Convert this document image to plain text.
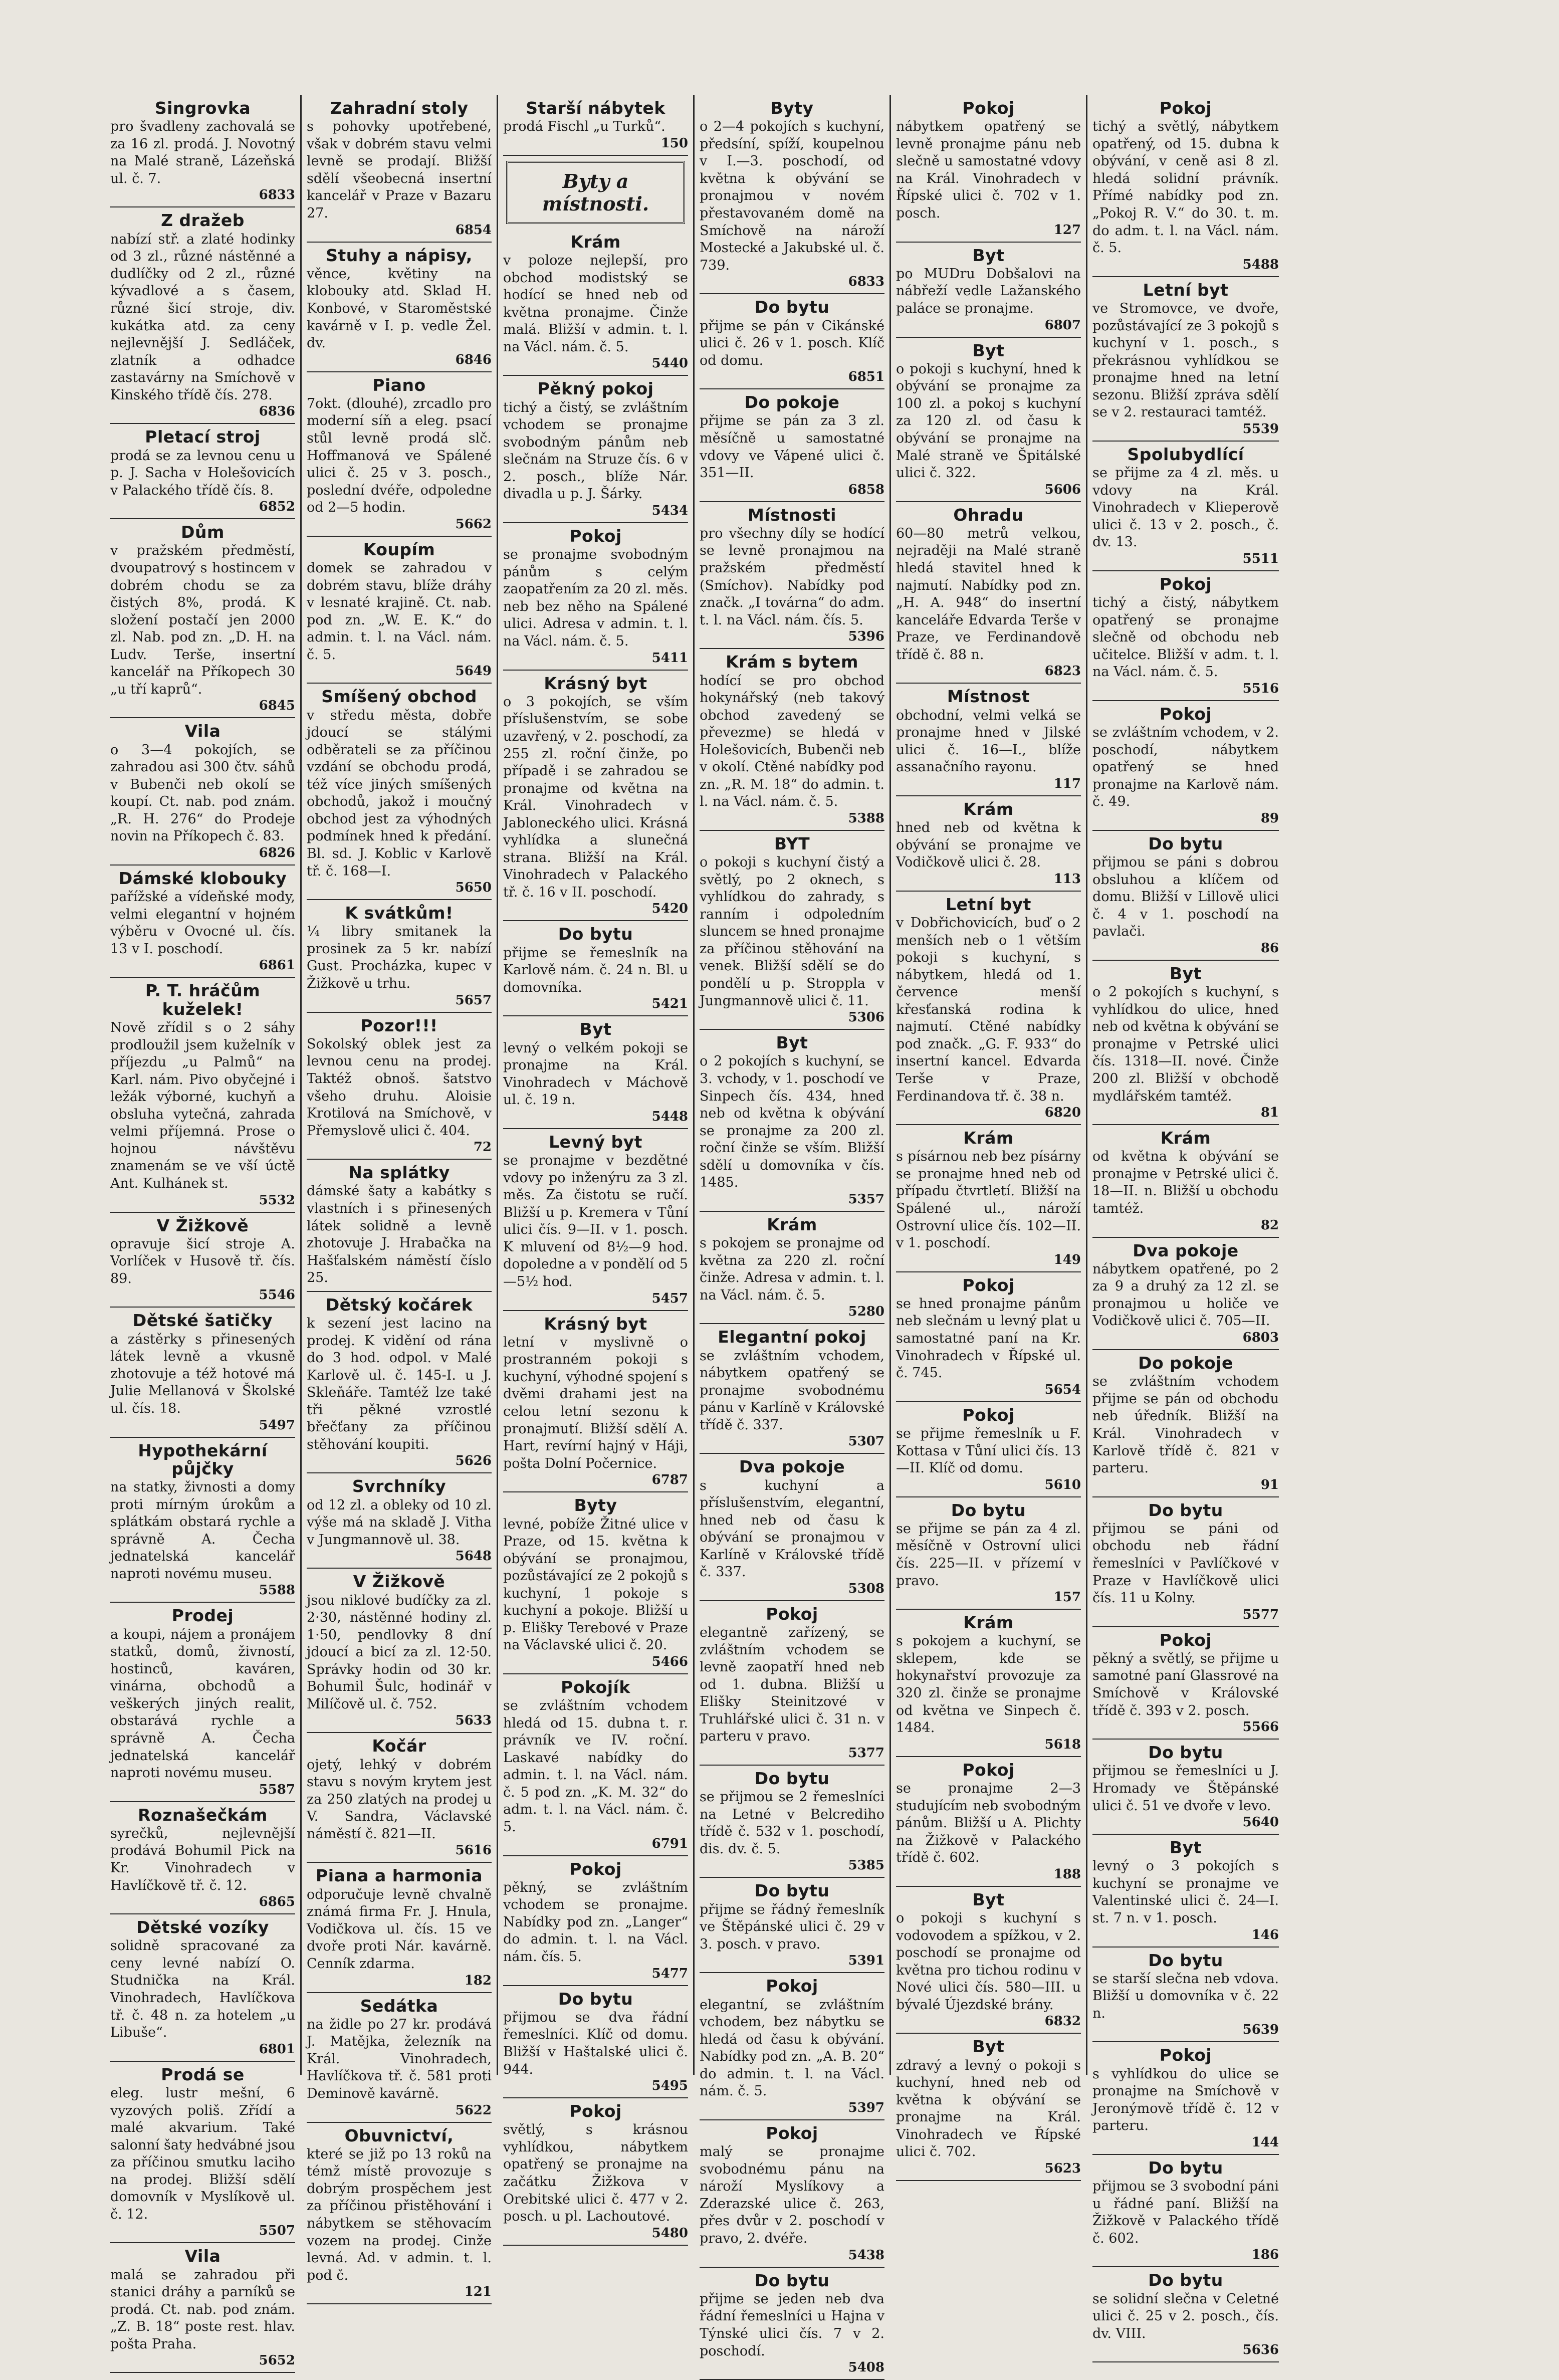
Singrovka

pro švadleny zachovalá se za 16 zl. prodá. J. Novotný na Malé straně, Lázeňská ul. č. 7.

6833
Z dražeb

nabízí stř. a zlaté hodinky od 3 zl., různé nástěnné a dudlíčky od 2 zl., různé kývadlové a s časem, různé šicí stroje, div. kukátka atd. za ceny nejlevnější J. Sedláček, zlatník a odhadce zastavárny na Smíchově v Kinského třídě čís. 278.

6836
Pletací stroj

prodá se za levnou cenu u p. J. Sacha v Holešovicích v Palackého třídě čís. 8.

6852
Dům

v pražském předměstí, dvoupatrový s hostincem v dobrém chodu se za čistých 8%, prodá. K složení postačí jen 2000 zl. Nab. pod zn. „D. H. na Ludv. Terše, insertní kancelář na Příkopech 30 „u tří kaprů“.

6845
Vila

o 3—4 pokojích, se zahradou asi 300 čtv. sáhů v Bubenči neb okolí se koupí. Ct. nab. pod znám. „R. H. 276“ do Prodeje novin na Příkopech č. 83.

6826
Dámské klobouky

pařížské a vídeňské mody, velmi elegantní v hojném výběru v Ovocné ul. čís. 13 v I. poschodí.

6861
P. T. hráčům kuželek!

Nově zřídil s o 2 sáhy prodloužil jsem kuželník v příjezdu „u Palmů“ na Karl. nám. Pivo obyčejné i ležák výborné, kuchyň a obsluha vytečná, zahrada velmi příjemná. Prose o hojnou návštěvu znamenám se ve vší úctě Ant. Kulhánek st.

5532
V Žižkově

opravuje šicí stroje A. Vorlíček v Husově tř. čís. 89.

5546
Dětské šatičky

a zástěrky s přinesených látek levně a vkusně zhotovuje a též hotové má Julie Mellanová v Školské ul. čís. 18.

5497
Hypothekární půjčky

na statky, živnosti a domy proti mírným úrokům a splátkám obstará rychle a správně A. Čecha jednatelská kancelář naproti novému museu.

5588
Prodej

a koupi, nájem a pronájem statků, domů, živností, hostinců, kaváren, vinárna, obchodů a veškerých jiných realit, obstarává rychle a správně A. Čecha jednatelská kancelář naproti novému museu.

5587
Roznašečkám

syrečků, nejlevnější prodává Bohumil Pick na Kr. Vinohradech v Havlíčkově tř. č. 12.

6865
Dětské vozíky

solidně spracované za ceny levné nabízí O. Studnička na Král. Vinohradech, Havlíčkova tř. č. 48 n. za hotelem „u Libuše“.

6801
Prodá se

eleg. lustr mešní, 6 vyzových poliš. Zřídí a malé akvarium. Také salonní šaty hedvábné jsou za příčinou smutku laciho na prodej. Bližší sdělí domovník v Myslíkově ul. č. 12.

5507
Vila

malá se zahradou při stanici dráhy a parníků se prodá. Ct. nab. pod znám. „Z. B. 18“ poste rest. hlav. pošta Praha.

5652
Zahradní stoly

s pohovky upotřebené, však v dobrém stavu velmi levně se prodají. Bližší sdělí všeobecná insertní kancelář v Praze v Bazaru 27.

6854
Stuhy a nápisy,

věnce, květiny na klobouky atd. Sklad H. Konbové, v Staroměstské kavárně v I. p. vedle Žel. dv.

6846
Piano

7okt. (dlouhé), zrcadlo pro moderní síň a eleg. psací stůl levně prodá slč. Hoffmanová ve Spálené ulici č. 25 v 3. posch., poslední dvéře, odpoledne od 2—5 hodin.

5662
Koupím

domek se zahradou v dobrém stavu, blíže dráhy v lesnaté krajině. Ct. nab. pod zn. „W. E. K.“ do admin. t. l. na Václ. nám. č. 5.

5649
Smíšený obchod

v středu města, dobře jdoucí se stálými odběrateli se za příčinou vzdání se obchodu prodá, též více jiných smíšených obchodů, jakož i moučný obchod jest za výhodných podmínek hned k předání. Bl. sd. J. Koblic v Karlově tř. č. 168—I.

5650
K svátkům!

¼ libry smitanek la prosinek za 5 kr. nabízí Gust. Procházka, kupec v Žižkově u trhu.

5657
Pozor!!!

Sokolský oblek jest za levnou cenu na prodej. Taktéž obnoš. šatstvo všeho druhu. Aloisie Krotilová na Smíchově, v Přemyslově ulici č. 404.

72
Na splátky

dámské šaty a kabátky s vlastních i s přinesených látek solidně a levně zhotovuje J. Hrabačka na Hašťalském náměstí číslo 25.

Dětský kočárek

k sezení jest lacino na prodej. K vidění od rána do 3 hod. odpol. v Malé Karlově ul. č. 145-I. u J. Skleňáře. Tamtéž lze také tři pěkné vzrostlé břečťany za příčinou stěhování koupiti.

5626
Svrchníky

od 12 zl. a obleky od 10 zl. výše má na skladě J. Vitha v Jungmannově ul. 38.

5648
V Žižkově

jsou niklové budíčky za zl. 2·30, nástěnné hodiny zl. 1·50, pendlovky 8 dní jdoucí a bicí za zl. 12·50. Správky hodin od 30 kr. Bohumil Šulc, hodinář v Milíčově ul. č. 752.

5633
Kočár

ojetý, lehký v dobrém stavu s novým krytem jest za 250 zlatých na prodej u V. Sandra, Václavské náměstí č. 821—II.

5616
Piana a harmonia

odporučuje levně chvalně známá firma Fr. J. Hnula, Vodičkova ul. čís. 15 ve dvoře proti Nár. kavárně. Cenník zdarma.

182
Sedátka

na židle po 27 kr. prodává J. Matějka, železník na Král. Vinohradech, Havlíčkova tř. č. 581 proti Deminově kavárně.

5622
Obuvnictví,

které se již po 13 roků na témž místě provozuje s dobrým prospěchem jest za příčinou přistěhování i nábytkem se stěhovacím vozem na prodej. Cinže levná. Ad. v admin. t. l. pod č.

121
Starší nábytek

prodá Fischl „u Turků“.

150
Byty a místnosti.
Krám

v poloze nejlepší, pro obchod modistský se hodící se hned neb od května pronajme. Činže malá. Bližší v admin. t. l. na Václ. nám. č. 5.

5440
Pěkný pokoj

tichý a čistý, se zvláštním vchodem se pronajme svobodným pánům neb slečnám na Struze čís. 6 v 2. posch., blíže Nár. divadla u p. J. Šárky.

5434
Pokoj

se pronajme svobodným pánům s celým zaopatřením za 20 zl. měs. neb bez něho na Spálené ulici. Adresa v admin. t. l. na Václ. nám. č. 5.

5411
Krásný byt

o 3 pokojích, se vším příslušenstvím, se sobe uzavřený, v 2. poschodí, za 255 zl. roční činže, po případě i se zahradou se pronajme od května na Král. Vinohradech v Jabloneckého ulici. Krásná vyhlídka a slunečná strana. Bližší na Král. Vinohradech v Palackého tř. č. 16 v II. poschodí.

5420
Do bytu

přijme se řemeslník na Karlově nám. č. 24 n. Bl. u domovníka.

5421
Byt

levný o velkém pokoji se pronajme na Král. Vinohradech v Máchově ul. č. 19 n.

5448
Levný byt

se pronajme v bezdětné vdovy po inženýru za 3 zl. měs. Za čistotu se ručí. Bližší u p. Kremera v Tůní ulici čís. 9—II. v 1. posch. K mluvení od 8½—9 hod. dopoledne a v pondělí od 5—5½ hod.

5457
Krásný byt

letní v myslivně o prostranném pokoji s kuchyní, výhodné spojení s dvěmi drahami jest na celou letní sezonu k pronajmutí. Bližší sdělí A. Hart, revírní hajný v Háji, pošta Dolní Počernice.

6787
Byty

levné, pobíže Žitné ulice v Praze, od 15. května k obývání se pronajmou, pozůstávající ze 2 pokojů s kuchyní, 1 pokoje s kuchyní a pokoje. Bližší u p. Elišky Terebové v Praze na Václavské ulici č. 20.

5466
Pokojík

se zvláštním vchodem hledá od 15. dubna t. r. právník ve IV. roční. Laskavé nabídky do admin. t. l. na Václ. nám. č. 5 pod zn. „K. M. 32“ do adm. t. l. na Václ. nám. č. 5.

6791
Pokoj

pěkný, se zvláštním vchodem se pronajme. Nabídky pod zn. „Langer“ do admin. t. l. na Václ. nám. čís. 5.

5477
Do bytu

přijmou se dva řádní řemeslníci. Klíč od domu. Bližší v Haštalské ulici č. 944.

5495
Pokoj

světlý, s krásnou vyhlídkou, nábytkem opatřený se pronajme na začátku Žižkova v Orebitské ulici č. 477 v 2. posch. u pl. Lachoutové.

5480
Byty

o 2—4 pokojích s kuchyní, předsíní, spíží, koupelnou v I.—3. poschodí, od května k obývání se pronajmou v novém přestavovaném domě na Smíchově na nároží Mostecké a Jakubské ul. č. 739.

6833
Do bytu

přijme se pán v Cikánské ulici č. 26 v 1. posch. Klíč od domu.

6851
Do pokoje

přijme se pán za 3 zl. měsíčně u samostatné vdovy ve Vápené ulici č. 351—II.

6858
Místnosti

pro všechny díly se hodící se levně pronajmou na pražském předměstí (Smíchov). Nabídky pod značk. „I továrna“ do adm. t. l. na Václ. nám. čís. 5.

5396
Krám s bytem

hodící se pro obchod hokynářský (neb takový obchod zavedený se převezme) se hledá v Holešovicích, Bubenči neb v okolí. Ctěné nabídky pod zn. „R. M. 18“ do admin. t. l. na Václ. nám. č. 5.

5388
BYT

o pokoji s kuchyní čistý a světlý, po 2 oknech, s vyhlídkou do zahrady, s ranním i odpoledním sluncem se hned pronajme za příčinou stěhování na venek. Bližší sdělí se do pondělí u p. Stroppla v Jungmannově ulici č. 11.

5306
Byt

o 2 pokojích s kuchyní, se 3. vchody, v 1. poschodí ve Sinpech čís. 434, hned neb od května k obývání se pronajme za 200 zl. roční činže se vším. Bližší sdělí u domovníka v čís. 1485.

5357
Krám

s pokojem se pronajme od května za 220 zl. roční činže. Adresa v admin. t. l. na Václ. nám. č. 5.

5280
Elegantní pokoj

se zvláštním vchodem, nábytkem opatřený se pronajme svobodnému pánu v Karlíně v Královské třídě č. 337.

5307
Dva pokoje

s kuchyní a příslušenstvím, elegantní, hned neb od času k obývání se pronajmou v Karlíně v Královské třídě č. 337.

5308
Pokoj

elegantně zařízený, se zvláštním vchodem se levně zaopatří hned neb od 1. dubna. Bližší u Elišky Steinitzové v Truhlářské ulici č. 31 n. v parteru v pravo.

5377
Do bytu

se přijmou se 2 řemeslníci na Letné v Belcrediho třídě č. 532 v 1. poschodí, dis. dv. č. 5.

5385
Do bytu

přijme se řádný řemeslník ve Štěpánské ulici č. 29 v 3. posch. v pravo.

5391
Pokoj

elegantní, se zvláštním vchodem, bez nábytku se hledá od času k obývání. Nabídky pod zn. „A. B. 20“ do admin. t. l. na Václ. nám. č. 5.

5397
Pokoj

malý se pronajme svobodnému pánu na nároží Myslíkovy a Zderazské ulice č. 263, přes dvůr v 2. poschodí v pravo, 2. dvéře.

5438
Do bytu

přijme se jeden neb dva řádní řemeslníci u Hajna v Týnské ulici čís. 7 v 2. poschodí.

5408
Pokoj

nábytkem opatřený se levně pronajme pánu neb slečně u samostatné vdovy na Král. Vinohradech v Řípské ulici č. 702 v 1. posch.

127
Byt

po MUDru Dobšalovi na nábřeží vedle Lažanského paláce se pronajme.

6807
Byt

o pokoji s kuchyní, hned k obývání se pronajme za 100 zl. a pokoj s kuchyní za 120 zl. od času k obývání se pronajme na Malé straně ve Špitálské ulici č. 322.

5606
Ohradu

60—80 metrů velkou, nejraději na Malé straně hledá stavitel hned k najmutí. Nabídky pod zn. „H. A. 948“ do insertní kanceláře Edvarda Terše v Praze, ve Ferdinandově třídě č. 88 n.

6823
Místnost

obchodní, velmi velká se pronajme hned v Jilské ulici č. 16—I., blíže assanačního rayonu.

117
Krám

hned neb od května k obývání se pronajme ve Vodičkově ulici č. 28.

113
Letní byt

v Dobřichovicích, buď o 2 menších neb o 1 větším pokoji s kuchyní, s nábytkem, hledá od 1. července menší křesťanská rodina k najmutí. Ctěné nabídky pod značk. „G. F. 933“ do insertní kancel. Edvarda Terše v Praze, Ferdinandova tř. č. 38 n.

6820
Krám

s písárnou neb bez písárny se pronajme hned neb od případu čtvrtletí. Bližší na Spálené ul., nároží Ostrovní ulice čís. 102—II. v 1. poschodí.

149
Pokoj

se hned pronajme pánům neb slečnám u levný plat u samostatné paní na Kr. Vinohradech v Řípské ul. č. 745.

5654
Pokoj

se přijme řemeslník u F. Kottasa v Tůní ulici čís. 13—II. Klíč od domu.

5610
Do bytu

se přijme se pán za 4 zl. měsíčně v Ostrovní ulici čís. 225—II. v přízemí v pravo.

157
Krám

s pokojem a kuchyní, se sklepem, kde se hokynařství provozuje za 320 zl. činže se pronajme od května ve Sinpech č. 1484.

5618
Pokoj

se pronajme 2—3 studujícím neb svobodným pánům. Bližší u A. Plichty na Žižkově v Palackého třídě č. 602.

188
Byt

o pokoji s kuchyní s vodovodem a spížkou, v 2. poschodí se pronajme od května pro tichou rodinu v Nové ulici čís. 580—III. u bývalé Újezdské brány.

6832
Byt

zdravý a levný o pokoji s kuchyní, hned neb od května k obývání se pronajme na Král. Vinohradech ve Řípské ulici č. 702.

5623
Pokoj

tichý a světlý, nábytkem opatřený, od 15. dubna k obývání, v ceně asi 8 zl. hledá solidní právník. Přímé nabídky pod zn. „Pokoj R. V.“ do 30. t. m. do adm. t. l. na Václ. nám. č. 5.

5488
Letní byt

ve Stromovce, ve dvoře, pozůstávající ze 3 pokojů s kuchyní v 1. posch., s překrásnou vyhlídkou se pronajme hned na letní sezonu. Bližší zpráva sdělí se v 2. restauraci tamtéž.

5539
Spolubydlící

se přijme za 4 zl. měs. u vdovy na Král. Vinohradech v Klieperově ulici č. 13 v 2. posch., č. dv. 13.

5511
Pokoj

tichý a čistý, nábytkem opatřený se pronajme slečně od obchodu neb učitelce. Bližší v adm. t. l. na Václ. nám. č. 5.

5516
Pokoj

se zvláštním vchodem, v 2. poschodí, nábytkem opatřený se hned pronajme na Karlově nám. č. 49.

89
Do bytu

přijmou se páni s dobrou obsluhou a klíčem od domu. Bližší v Lillově ulici č. 4 v 1. poschodí na pavlači.

86
Byt

o 2 pokojích s kuchyní, s vyhlídkou do ulice, hned neb od května k obývání se pronajme v Petrské ulici čís. 1318—II. nové. Činže 200 zl. Bližší v obchodě mydlářském tamtéž.

81
Krám

od května k obývání se pronajme v Petrské ulici č. 18—II. n. Bližší u obchodu tamtéž.

82
Dva pokoje

nábytkem opatřené, po 2 za 9 a druhý za 12 zl. se pronajmou u holiče ve Vodičkově ulici č. 705—II.

6803
Do pokoje

se zvláštním vchodem přijme se pán od obchodu neb úředník. Bližší na Král. Vinohradech v Karlově třídě č. 821 v parteru.

91
Do bytu

přijmou se páni od obchodu neb řádní řemeslníci v Pavlíčkové v Praze v Havlíčkově ulici čís. 11 u Kolny.

5577
Pokoj

pěkný a světlý, se přijme u samotné paní Glassrové na Smíchově v Královské třídě č. 393 v 2. posch.

5566
Do bytu

přijmou se řemeslníci u J. Hromady ve Štěpánské ulici č. 51 ve dvoře v levo.

5640
Byt

levný o 3 pokojích s kuchyní se pronajme ve Valentinské ulici č. 24—I. st. 7 n. v 1. posch.

146
Do bytu

se starší slečna neb vdova. Bližší u domovníka v č. 22 n.

5639
Pokoj

s vyhlídkou do ulice se pronajme na Smíchově v Jeronýmově třídě č. 12 v parteru.

144
Do bytu

přijmou se 3 svobodní páni u řádné paní. Bližší na Žižkově v Palackého třídě č. 602.

186
Do bytu

se solidní slečna v Celetné ulici č. 25 v 2. posch., čís. dv. VIII.

5636
